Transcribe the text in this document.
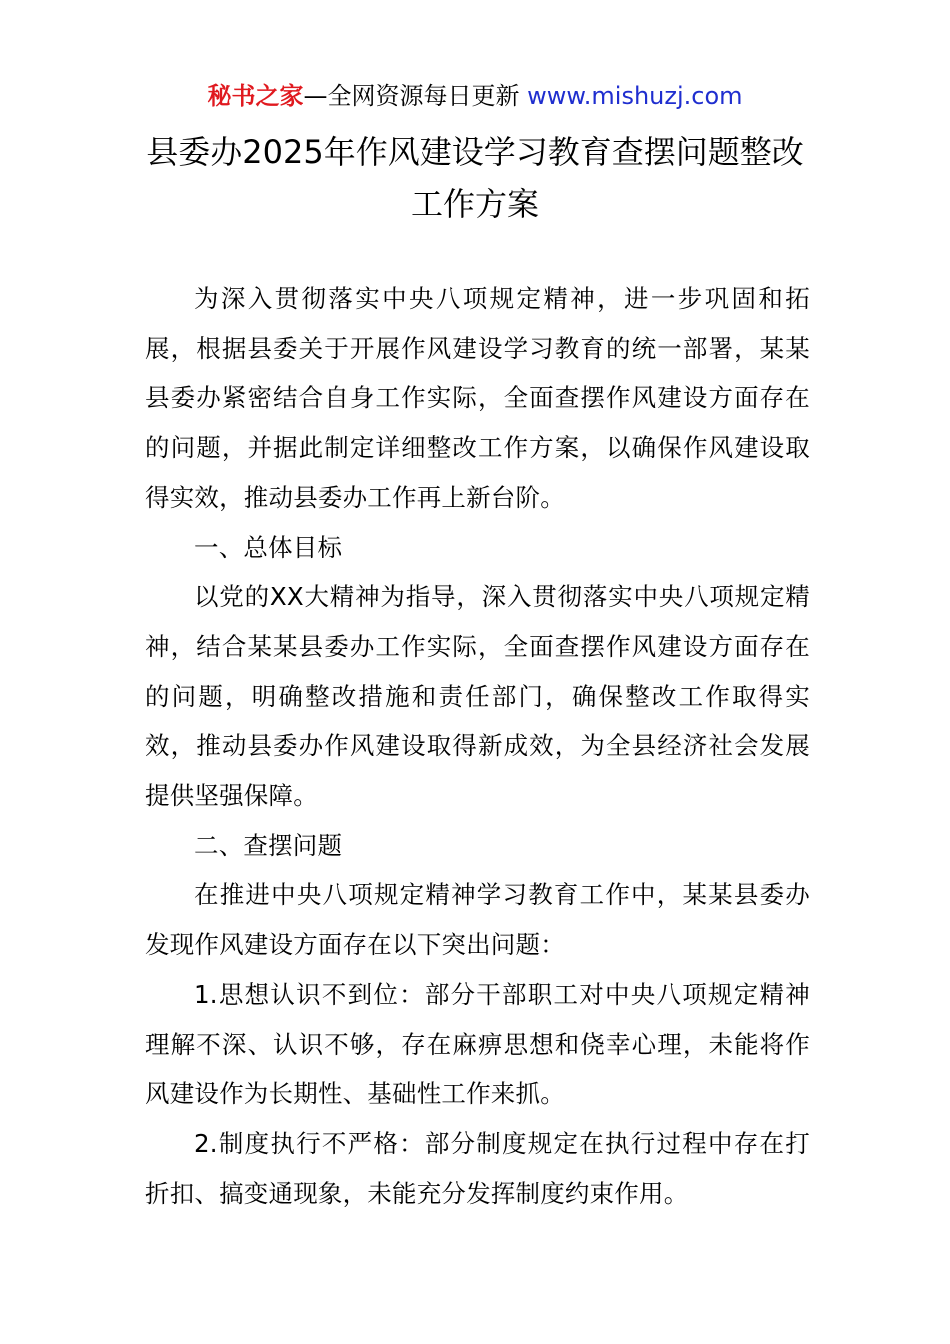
秘书之家—全网资源每日更新 www.mishuzj.com
县委办2025年作风建设学习教育查摆问题整改
工作方案

为深入贯彻落实中央八项规定精神，进一步巩固和拓展，根据县委关于开展作风建设学习教育的统一部署，某某县委办紧密结合自身工作实际，全面查摆作风建设方面存在的问题，并据此制定详细整改工作方案，以确保作风建设取得实效，推动县委办工作再上新台阶。

一、总体目标

以党的XX大精神为指导，深入贯彻落实中央八项规定精神，结合某某县委办工作实际，全面查摆作风建设方面存在的问题，明确整改措施和责任部门，确保整改工作取得实效，推动县委办作风建设取得新成效，为全县经济社会发展提供坚强保障。

二、查摆问题

在推进中央八项规定精神学习教育工作中，某某县委办发现作风建设方面存在以下突出问题：

1.思想认识不到位：部分干部职工对中央八项规定精神理解不深、认识不够，存在麻痹思想和侥幸心理，未能将作风建设作为长期性、基础性工作来抓。

2.制度执行不严格：部分制度规定在执行过程中存在打折扣、搞变通现象，未能充分发挥制度约束作用。
